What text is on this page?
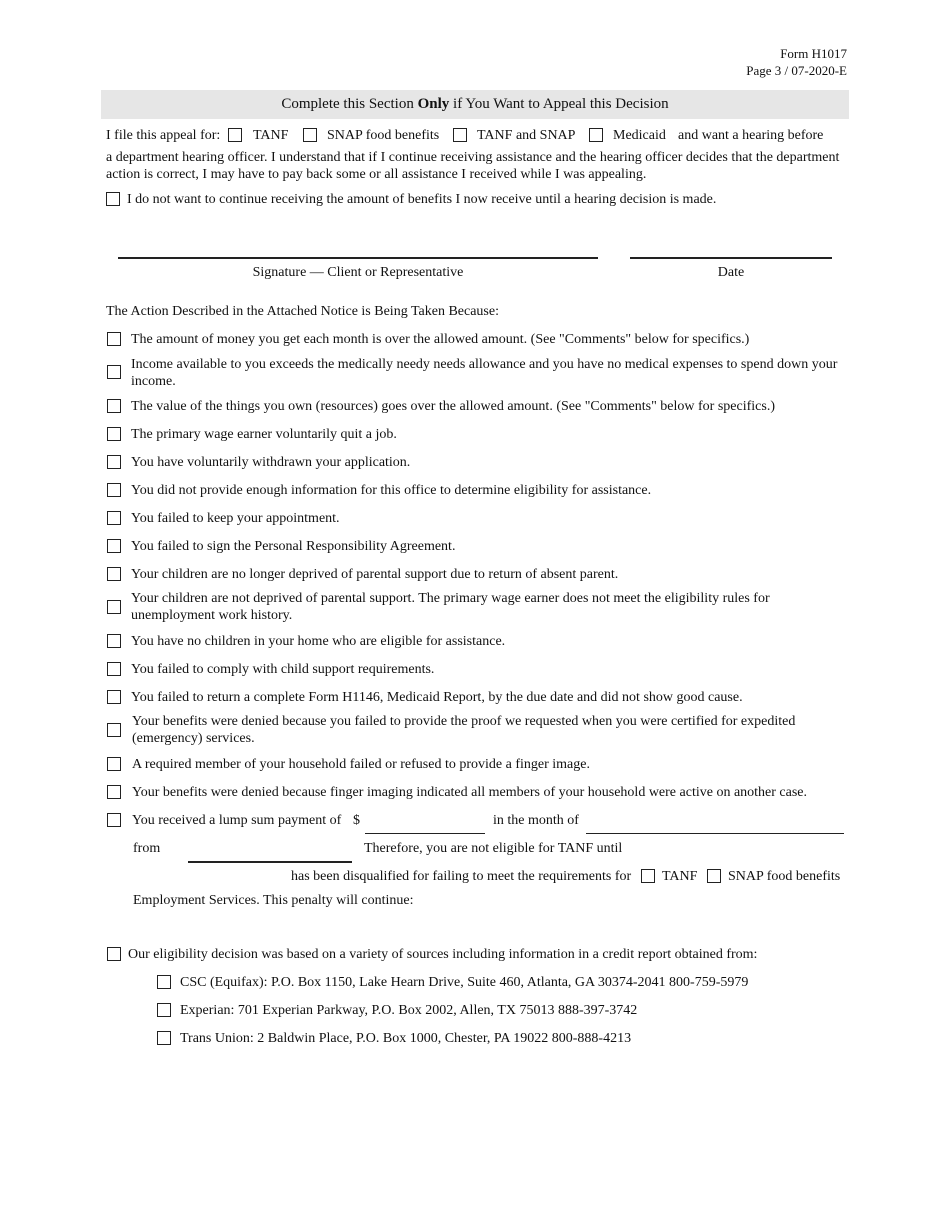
Form H1017
Page 3 / 07-2020-E
Complete this Section Only if You Want to Appeal this Decision
I file this appeal for: TANF	SNAP food benefits	TANF and SNAP	Medicaid and want a hearing before
a department hearing officer. I understand that if I continue receiving assistance and the hearing officer decides that the department action is correct, I may have to pay back some or all assistance I received while I was appealing.
I do not want to continue receiving the amount of benefits I now receive until a hearing decision is made.
Signature — Client or Representative	Date
The Action Described in the Attached Notice is Being Taken Because:
The amount of money you get each month is over the allowed amount. (See "Comments" below for specifics.)
Income available to you exceeds the medically needy needs allowance and you have no medical expenses to spend down your income.
The value of the things you own (resources) goes over the allowed amount. (See "Comments" below for specifics.)
The primary wage earner voluntarily quit a job.
You have voluntarily withdrawn your application.
You did not provide enough information for this office to determine eligibility for assistance.
You failed to keep your appointment.
You failed to sign the Personal Responsibility Agreement.
Your children are no longer deprived of parental support due to return of absent parent.
Your children are not deprived of parental support. The primary wage earner does not meet the eligibility rules for unemployment work history.
You have no children in your home who are eligible for assistance.
You failed to comply with child support requirements.
You failed to return a complete Form H1146, Medicaid Report, by the due date and did not show good cause.
Your benefits were denied because you failed to provide the proof we requested when you were certified for expedited (emergency) services.
A required member of your household failed or refused to provide a finger image.
Your benefits were denied because finger imaging indicated all members of your household were active on another case.
You received a lump sum payment of $	in the month of
from	Therefore, you are not eligible for TANF until
has been disqualified for failing to meet the requirements for TANF SNAP food benefits
Employment Services. This penalty will continue:
Our eligibility decision was based on a variety of sources including information in a credit report obtained from:
CSC (Equifax): P.O. Box 1150, Lake Hearn Drive, Suite 460, Atlanta, GA 30374-2041 800-759-5979
Experian: 701 Experian Parkway, P.O. Box 2002, Allen, TX 75013 888-397-3742
Trans Union: 2 Baldwin Place, P.O. Box 1000, Chester, PA 19022 800-888-4213
